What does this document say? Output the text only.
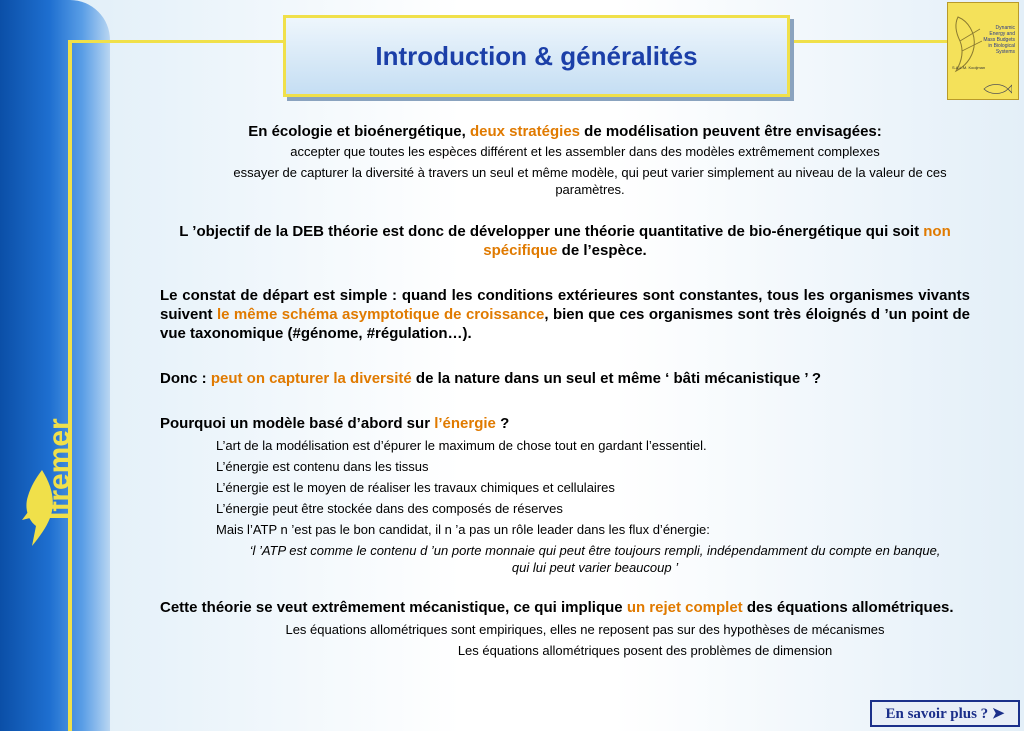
Ifremer
Introduction & généralités
Dynamic
Energy and
Mass Budgets
in Biological
Systems
S.A.L.M. Kooijman

En écologie et bioénergétique, deux stratégies de modélisation peuvent être envisagées:

accepter que toutes les espèces différent et les assembler dans des modèles extrêmement complexes

essayer de capturer la diversité à travers un seul et même modèle, qui peut varier simplement au niveau de la valeur de ces paramètres.

L ’objectif de la DEB théorie est donc de développer une théorie quantitative de bio-énergétique qui soit non spécifique de l’espèce.

Le constat de départ est simple : quand les conditions extérieures sont constantes, tous les organismes vivants suivent le même schéma asymptotique de croissance, bien que ces organismes sont très éloignés d ’un point de vue taxonomique (#génome, #régulation…).

Donc : peut on capturer la diversité de la nature dans un seul et même ‘ bâti mécanistique ’ ?

Pourquoi un modèle basé d’abord sur l’énergie ?

L’art de la modélisation est d’épurer le maximum de chose tout en gardant l’essentiel.

L’énergie est contenu dans les tissus

L’énergie est le moyen de réaliser les travaux chimiques et cellulaires

L’énergie peut être stockée dans des composés de réserves

Mais l’ATP n ’est pas le bon candidat, il n ’a pas un rôle leader dans les flux d’énergie:

‘l ’ATP est comme le contenu d ’un porte monnaie qui peut être toujours rempli, indépendamment du compte en banque, qui lui peut varier beaucoup ’

Cette théorie se veut extrêmement mécanistique, ce qui implique un rejet complet des équations allométriques.

Les équations allométriques sont empiriques, elles ne reposent pas sur des hypothèses de mécanismes

Les équations allométriques posent des problèmes de dimension

En savoir plus ? ➤
